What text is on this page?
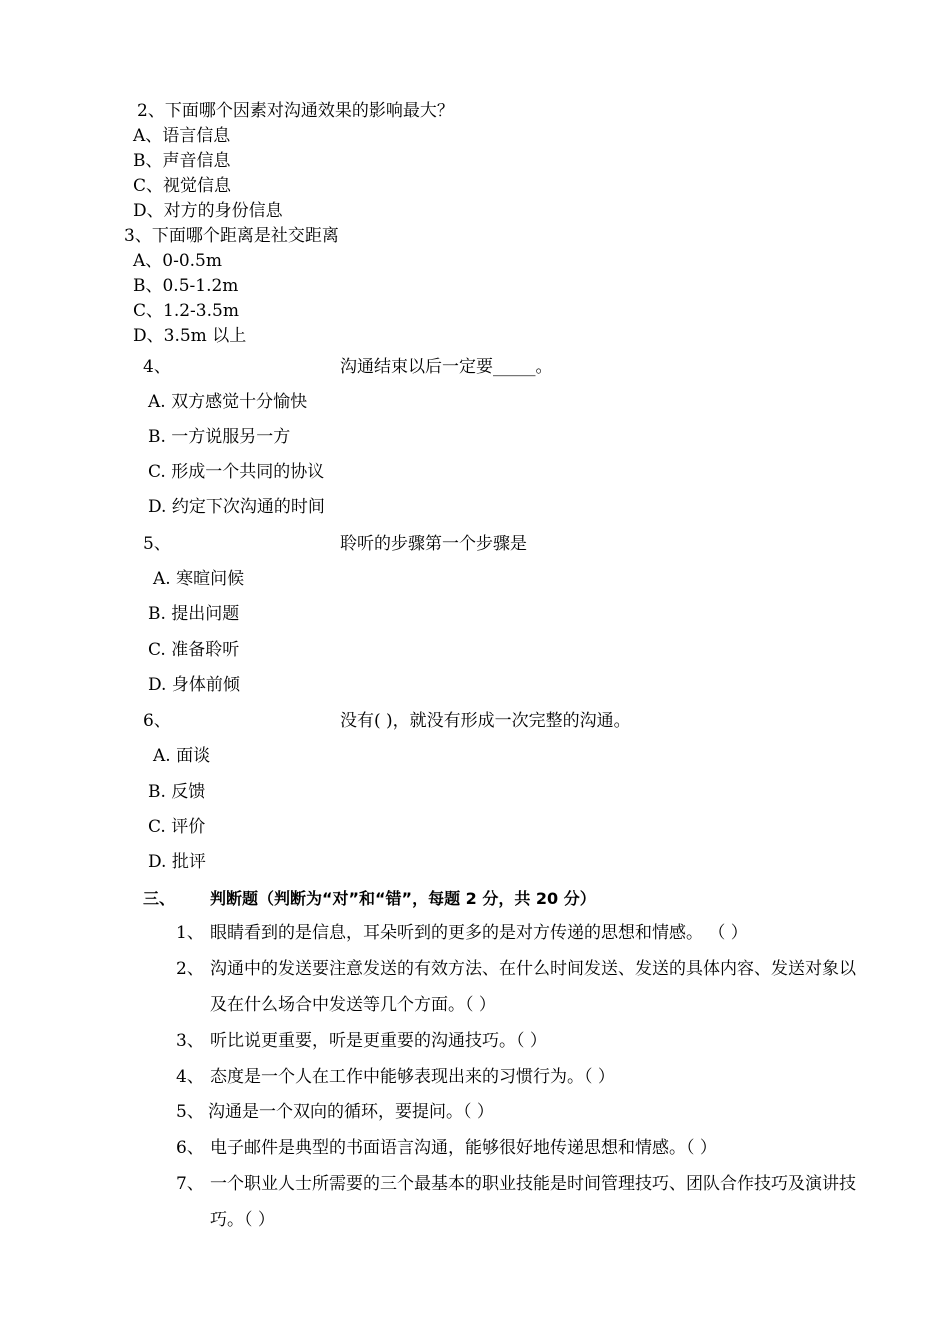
2、下面哪个因素对沟通效果的影响最大？
A、语言信息
B、声音信息
C、视觉信息
D、对方的身份信息
3、下面哪个距离是社交距离
A、0-0.5m
B、0.5-1.2m
C、1.2-3.5m
D、3.5m 以上
4、	沟通结束以后一定要_____。
A. 双方感觉十分愉快
B. 一方说服另一方
C. 形成一个共同的协议
D. 约定下次沟通的时间
5、	聆听的步骤第一个步骤是
A. 寒暄问候
B. 提出问题
C. 准备聆听
D. 身体前倾
6、	没有( )，就没有形成一次完整的沟通。
A. 面谈
B. 反馈
C. 评价
D. 批评
三、 判断题（判断为“对”和“错”，每题 2 分，共 20 分）
1、 眼睛看到的是信息，耳朵听到的更多的是对方传递的思想和情感。 （ ）
2、 沟通中的发送要注意发送的有效方法、在什么时间发送、发送的具体内容、发送对象以及在什么场合中发送等几个方面。（ ）
3、 听比说更重要，听是更重要的沟通技巧。（ ）
4、 态度是一个人在工作中能够表现出来的习惯行为。（ ）
5、 沟通是一个双向的循环，要提问。（ ）
6、 电子邮件是典型的书面语言沟通，能够很好地传递思想和情感。（ ）
7、 一个职业人士所需要的三个最基本的职业技能是时间管理技巧、团队合作技巧及演讲技巧。（ ）
